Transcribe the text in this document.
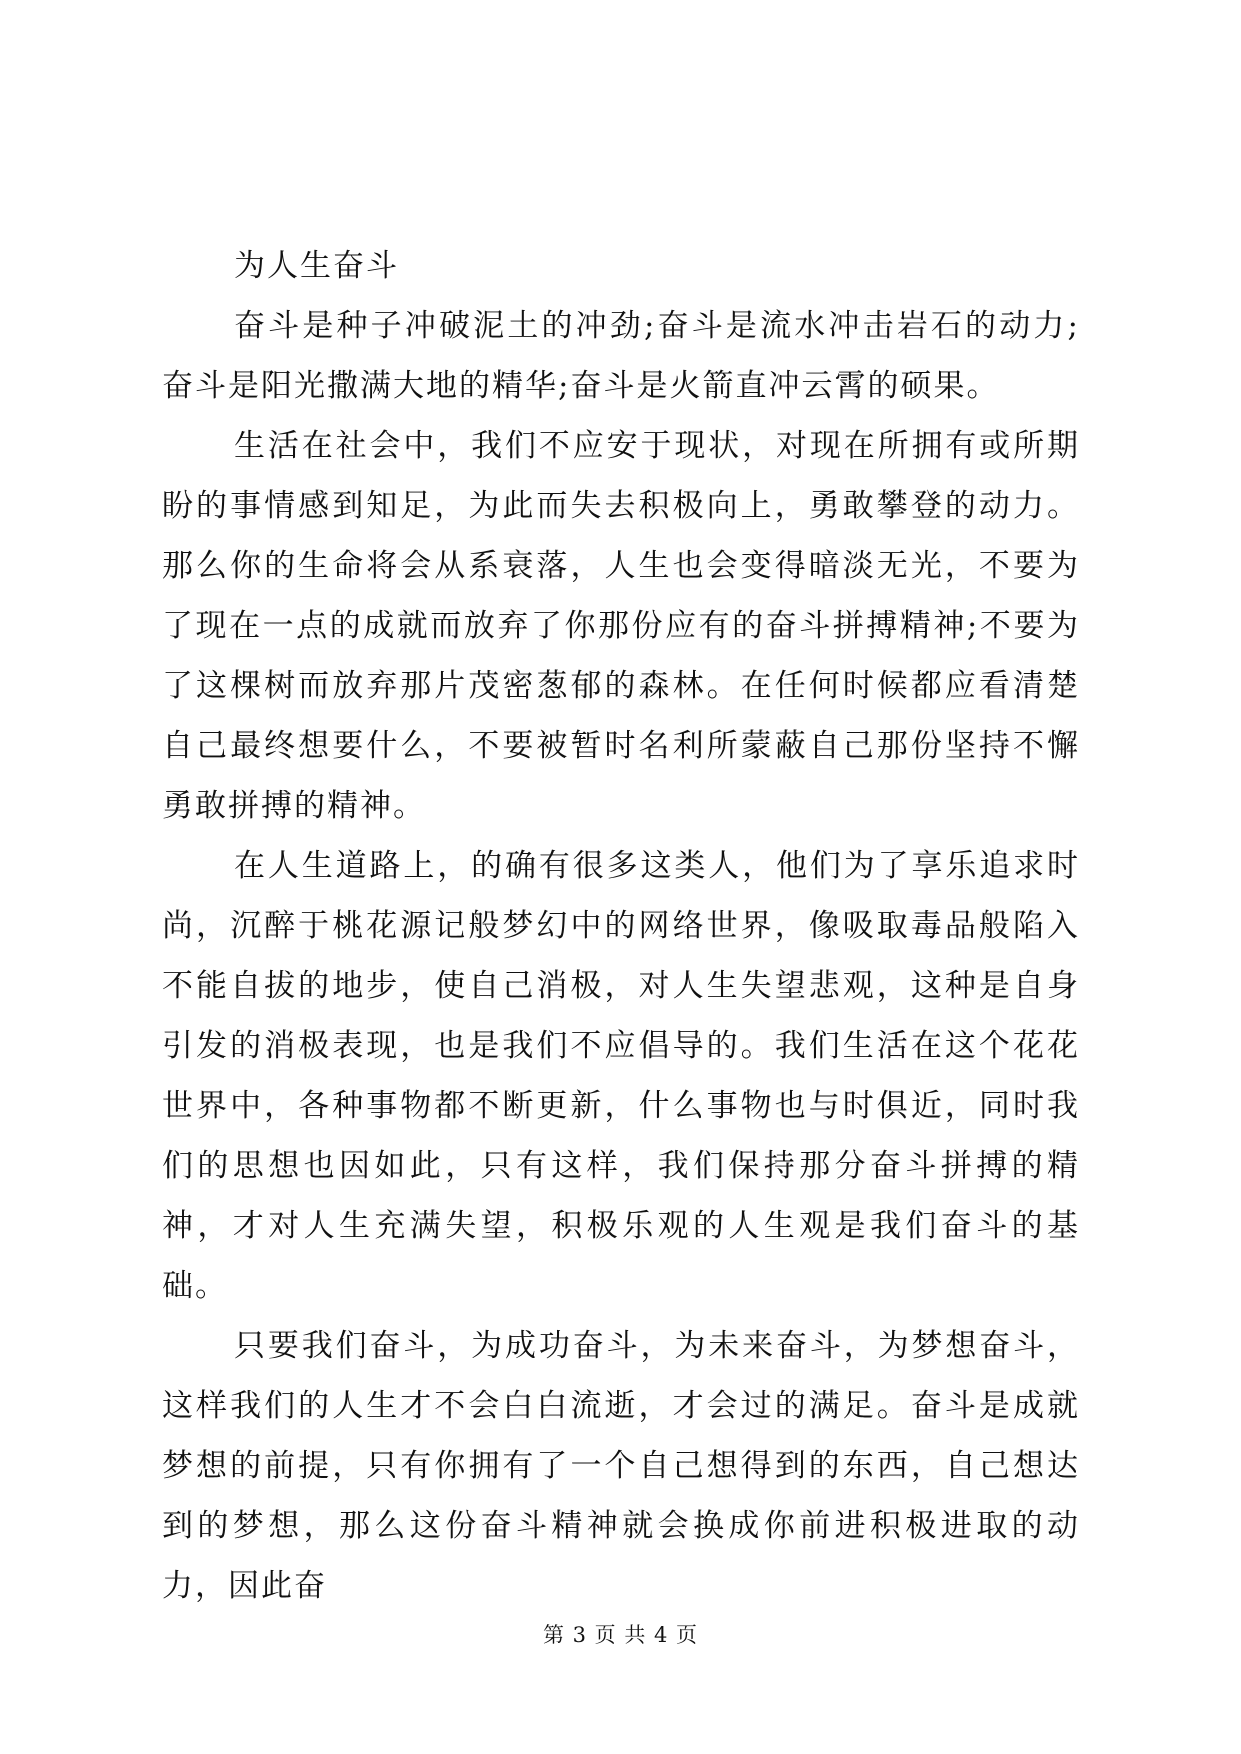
为人生奋斗

奋斗是种子冲破泥土的冲劲;奋斗是流水冲击岩石的动力;奋斗是阳光撒满大地的精华;奋斗是火箭直冲云霄的硕果。

生活在社会中，我们不应安于现状，对现在所拥有或所期盼的事情感到知足，为此而失去积极向上，勇敢攀登的动力。那么你的生命将会从系衰落，人生也会变得暗淡无光，不要为了现在一点的成就而放弃了你那份应有的奋斗拼搏精神;不要为了这棵树而放弃那片茂密葱郁的森林。在任何时候都应看清楚自己最终想要什么，不要被暂时名利所蒙蔽自己那份坚持不懈勇敢拼搏的精神。

在人生道路上，的确有很多这类人，他们为了享乐追求时尚，沉醉于桃花源记般梦幻中的网络世界，像吸取毒品般陷入不能自拔的地步，使自己消极，对人生失望悲观，这种是自身引发的消极表现，也是我们不应倡导的。我们生活在这个花花世界中，各种事物都不断更新，什么事物也与时俱近，同时我们的思想也因如此，只有这样，我们保持那分奋斗拼搏的精神，才对人生充满失望，积极乐观的人生观是我们奋斗的基础。

只要我们奋斗，为成功奋斗，为未来奋斗，为梦想奋斗，这样我们的人生才不会白白流逝，才会过的满足。奋斗是成就梦想的前提，只有你拥有了一个自己想得到的东西，自己想达到的梦想，那么这份奋斗精神就会换成你前进积极进取的动力，因此奋

第 3 页 共 4 页
